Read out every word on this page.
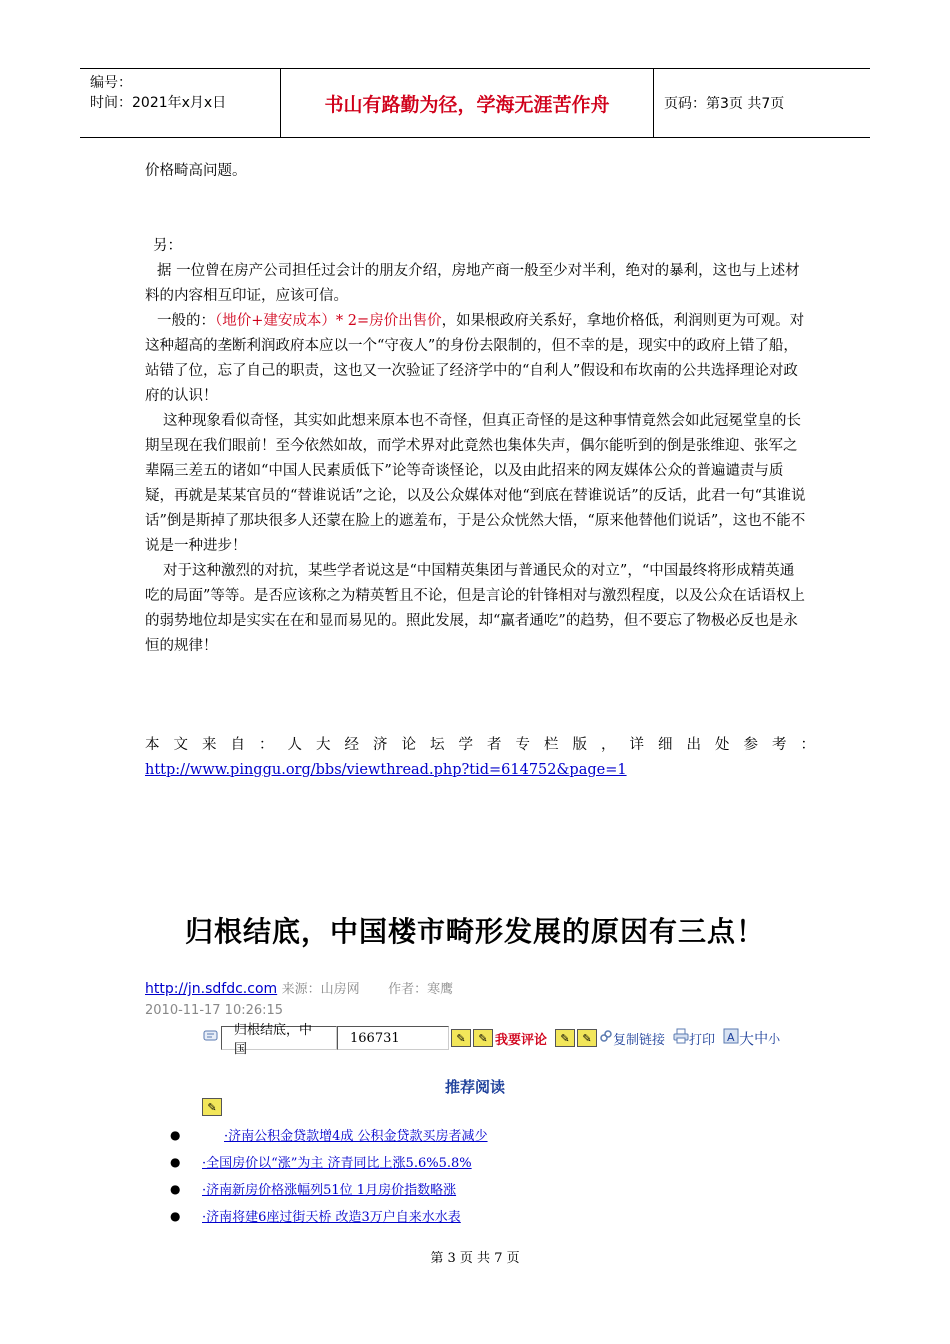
编号：
时间：2021年x月x日	书山有路勤为径，学海无涯苦作舟	页码：第3页 共7页

价格畸高问题。

另：

据 一位曾在房产公司担任过会计的朋友介绍，房地产商一般至少对半利，绝对的暴利，这也与上述材料的内容相互印证，应该可信。

一般的：（地价+建安成本）* 2=房价出售价，如果根政府关系好，拿地价格低，利润则更为可观。对这种超高的垄断利润政府本应以一个“守夜人”的身份去限制的，但不幸的是，现实中的政府上错了船，站错了位，忘了自己的职责，这也又一次验证了经济学中的“自利人”假设和布坎南的公共选择理论对政府的认识！

这种现象看似奇怪，其实如此想来原本也不奇怪，但真正奇怪的是这种事情竟然会如此冠冕堂皇的长期呈现在我们眼前！至今依然如故，而学术界对此竟然也集体失声，偶尔能听到的倒是张维迎、张军之辈隔三差五的诸如“中国人民素质低下”论等奇谈怪论，以及由此招来的网友媒体公众的普遍谴责与质疑，再就是某某官员的“替谁说话”之论，以及公众媒体对他“到底在替谁说话”的反话，此君一句“其谁说话”倒是斯掉了那块很多人还蒙在脸上的遮羞布，于是公众恍然大悟，“原来他替他们说话”，这也不能不说是一种进步！

对于这种激烈的对抗，某些学者说这是“中国精英集团与普通民众的对立”，“中国最终将形成精英通吃的局面”等等。是否应该称之为精英暂且不论，但是言论的针锋相对与激烈程度，以及公众在话语权上的弱势地位却是实实在在和显而易见的。照此发展，却“赢者通吃”的趋势，但不要忘了物极必反也是永恒的规律！

本 文 来 自 ： 人 大 经 济 论 坛 学 者 专 栏 版 ， 详 细 出 处 参 考 ：
http://www.pinggu.org/bbs/viewthread.php?tid=614752&page=1
归根结底，中国楼市畸形发展的原因有三点！
http://jn.sdfdc.com 来源：山房网 作者：寒鹰
2010-11-17 10:26:15
归根结底，中国
166731	✎	✎ 我要评论	✎	✎	复制链接 打印 A 大 中 小
推荐阅读
✎
●	·济南公积金贷款增4成 公积金贷款买房者减少
●	·全国房价以“涨”为主 济青同比上涨5.6%5.8%
●	·济南新房价格涨幅列51位 1月房价指数略涨
●	·济南将建6座过街天桥 改造3万户自来水水表
第 3 页 共 7 页
